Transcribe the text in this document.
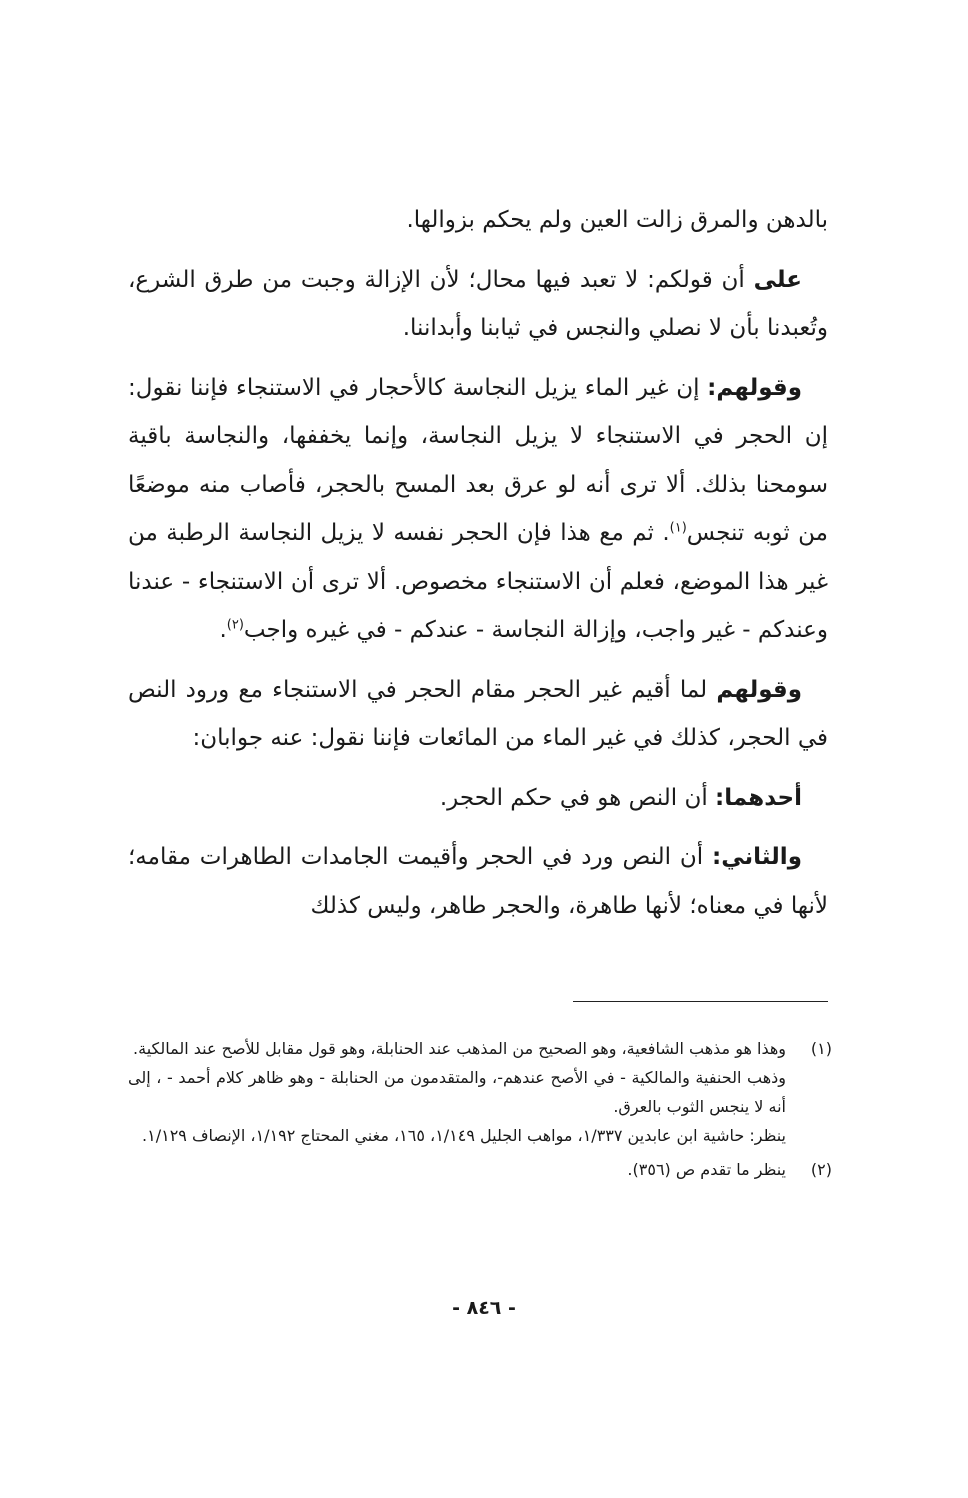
بالدهن والمرق زالت العين ولم يحكم بزوالها.

على أن قولكم: لا تعبد فيها محال؛ لأن الإزالة وجبت من طرق الشرع، وتُعبدنا بأن لا نصلي والنجس في ثيابنا وأبداننا.

وقولهم: إن غير الماء يزيل النجاسة كالأحجار في الاستنجاء فإننا نقول: إن الحجر في الاستنجاء لا يزيل النجاسة، وإنما يخففها، والنجاسة باقية سومحنا بذلك. ألا ترى أنه لو عرق بعد المسح بالحجر، فأصاب منه موضعًا من ثوبه تنجس$^{(١)}$. ثم مع هذا فإن الحجر نفسه لا يزيل النجاسة الرطبة من غير هذا الموضع، فعلم أن الاستنجاء مخصوص. ألا ترى أن الاستنجاء - عندنا وعندكم - غير واجب، وإزالة النجاسة - عندكم - في غيره واجب$^{(٢)}$.

وقولهم لما أقيم غير الحجر مقام الحجر في الاستنجاء مع ورود النص في الحجر، كذلك في غير الماء من المائعات فإننا نقول: عنه جوابان:

أحدهما: أن النص هو في حكم الحجر.

والثاني: أن النص ورد في الحجر وأقيمت الجامدات الطاهرات مقامه؛ لأنها في معناه؛ لأنها طاهرة، والحجر طاهر، وليس كذلك

(١)

وهذا هو مذهب الشافعية، وهو الصحيح من المذهب عند الحنابلة، وهو قول مقابل للأصح عند المالكية.

وذهب الحنفية والمالكية - في الأصح عندهم-، والمتقدمون من الحنابلة - وهو ظاهر كلام أحمد - ، إلى أنه لا ينجس الثوب بالعرق.

ينظر: حاشية ابن عابدين ١/٣٣٧، مواهب الجليل ١/١٤٩، ١٦٥، مغني المحتاج ١/١٩٢، الإنصاف ١/١٢٩.

(٢)

ينظر ما تقدم ص (٣٥٦).

- ٨٤٦ -
